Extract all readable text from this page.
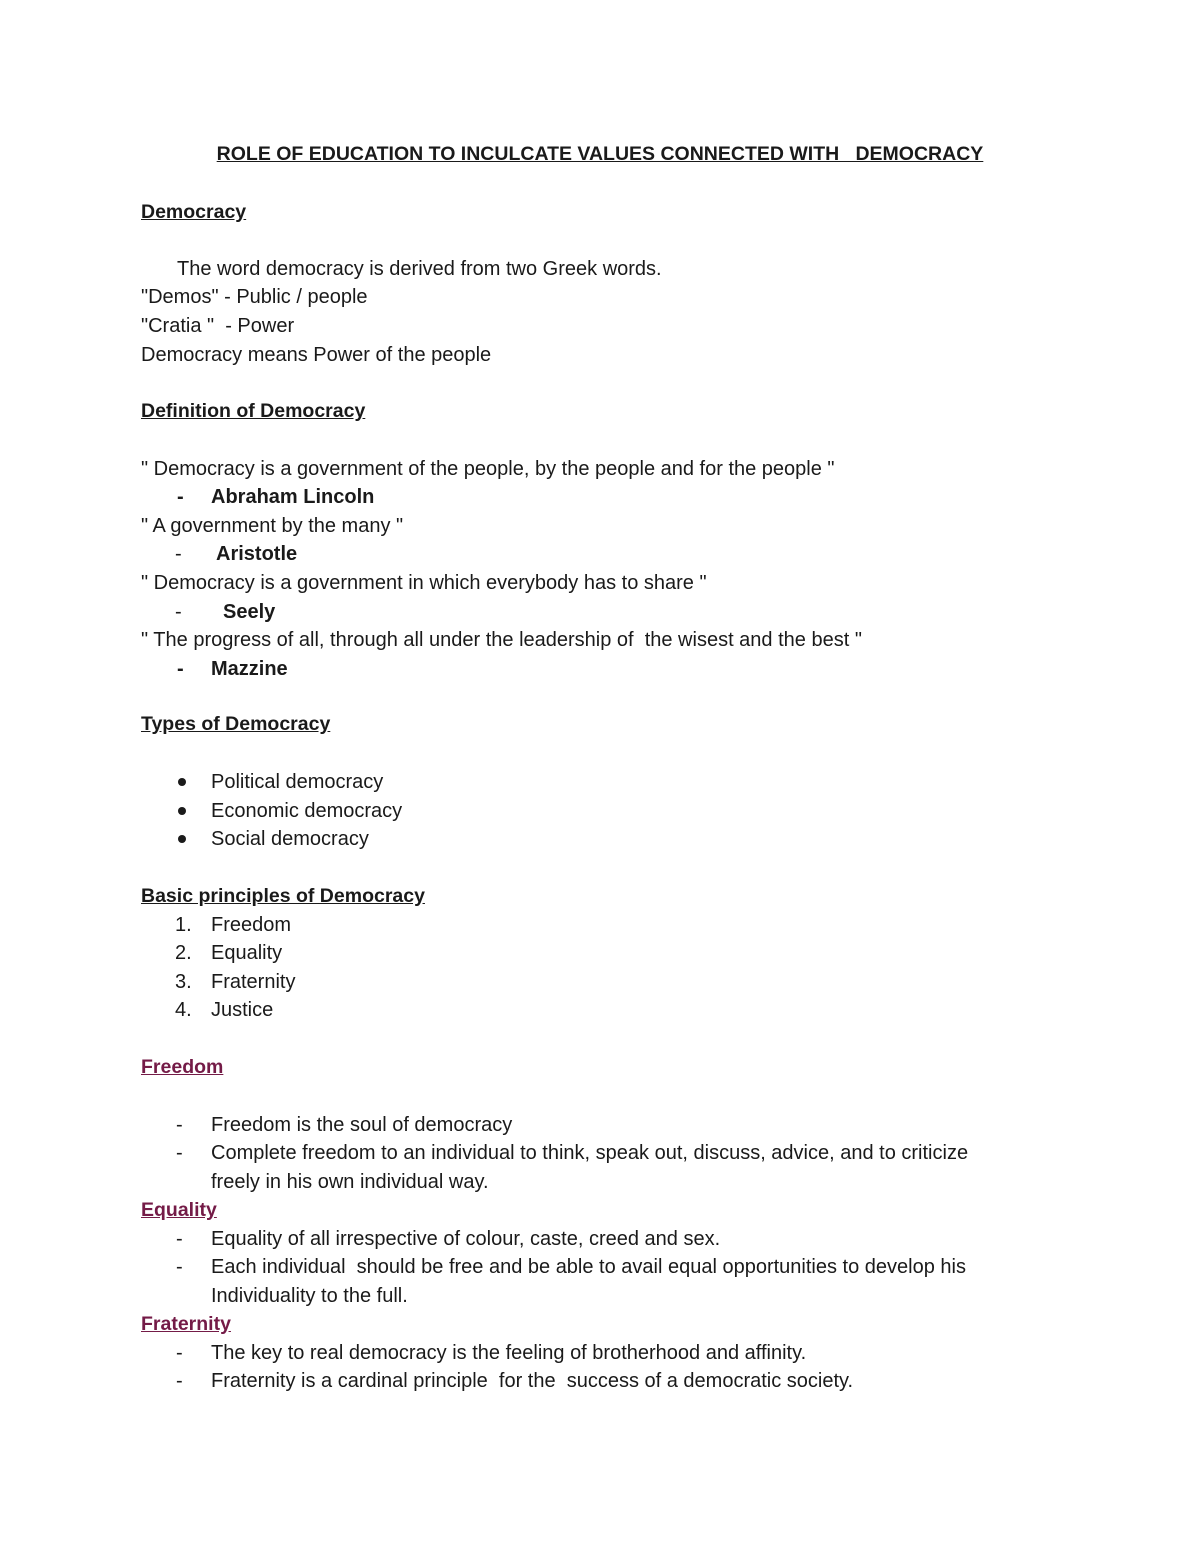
ROLE OF EDUCATION TO INCULCATE VALUES CONNECTED WITH   DEMOCRACY
Democracy
The word democracy is derived from two Greek words.
"Demos" - Public / people
"Cratia "  - Power
Democracy means Power of the people
Definition of Democracy
" Democracy is a government of the people, by the people and for the people "
- Abraham Lincoln
" A government by the many "
- Aristotle
" Democracy is a government in which everybody has to share "
- Seely
" The progress of all, through all under the leadership of  the wisest and the best "
- Mazzine
Types of Democracy
Political democracy
Economic democracy
Social democracy
Basic principles of Democracy
1. Freedom
2. Equality
3. Fraternity
4. Justice
Freedom
- Freedom is the soul of democracy
- Complete freedom to an individual to think, speak out, discuss, advice, and to criticize
freely in his own individual way.
Equality
- Equality of all irrespective of colour, caste, creed and sex.
- Each individual  should be free and be able to avail equal opportunities to develop his
Individuality to the full.
Fraternity
- The key to real democracy is the feeling of brotherhood and affinity.
- Fraternity is a cardinal principle  for the  success of a democratic society.
